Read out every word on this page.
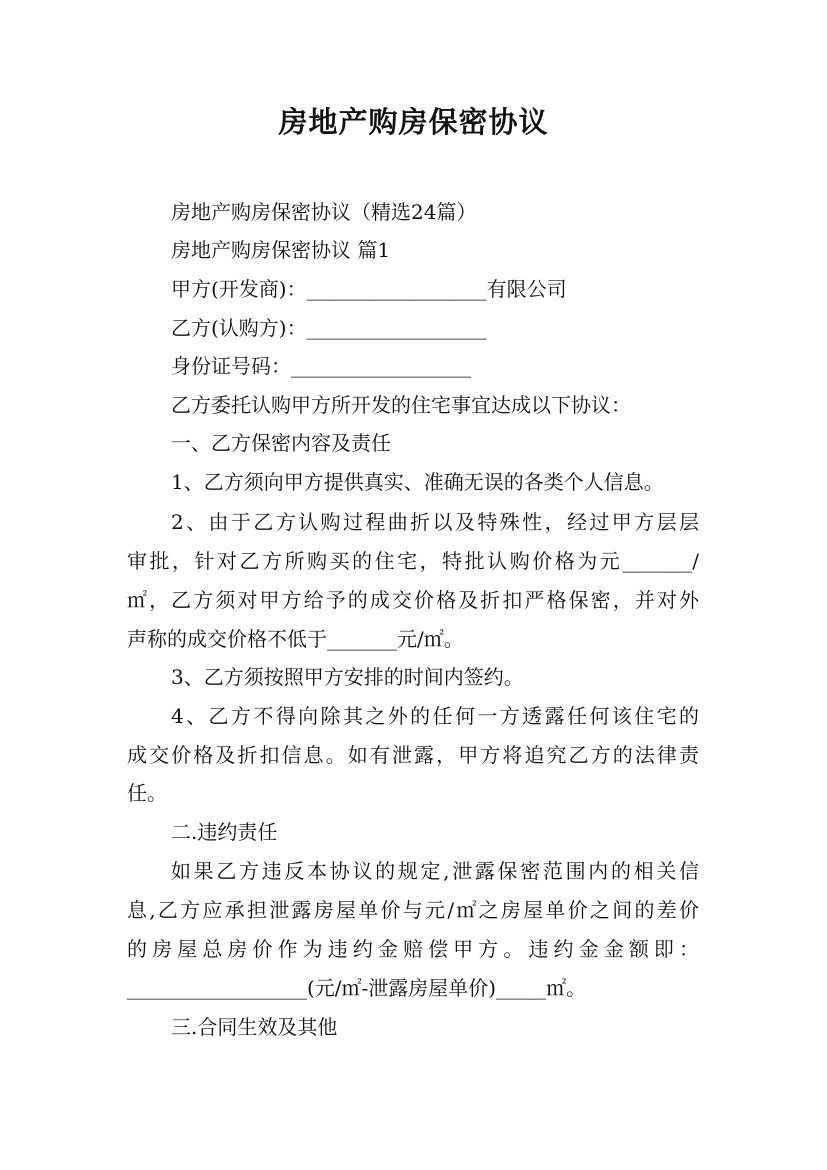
房地产购房保密协议
房地产购房保密协议（精选24篇）
房地产购房保密协议 篇1
甲方(开发商)：__________________有限公司
乙方(认购方)：__________________
身份证号码：__________________
乙方委托认购甲方所开发的住宅事宜达成以下协议：
一、乙方保密内容及责任
1、乙方须向甲方提供真实、准确无误的各类个人信息。
2、由于乙方认购过程曲折以及特殊性，经过甲方层层
审批，针对乙方所购买的住宅，特批认购价格为元_______/
㎡，乙方须对甲方给予的成交价格及折扣严格保密，并对外
声称的成交价格不低于_______元/㎡。
3、乙方须按照甲方安排的时间内签约。
4、乙方不得向除其之外的任何一方透露任何该住宅的
成交价格及折扣信息。如有泄露，甲方将追究乙方的法律责
任。
二.违约责任
如果乙方违反本协议的规定,泄露保密范围内的相关信
息,乙方应承担泄露房屋单价与元/㎡之房屋单价之间的差价
的房屋总房价作为违约金赔偿甲方。违约金金额即：
__________________(元/㎡-泄露房屋单价)_____㎡。
三.合同生效及其他
